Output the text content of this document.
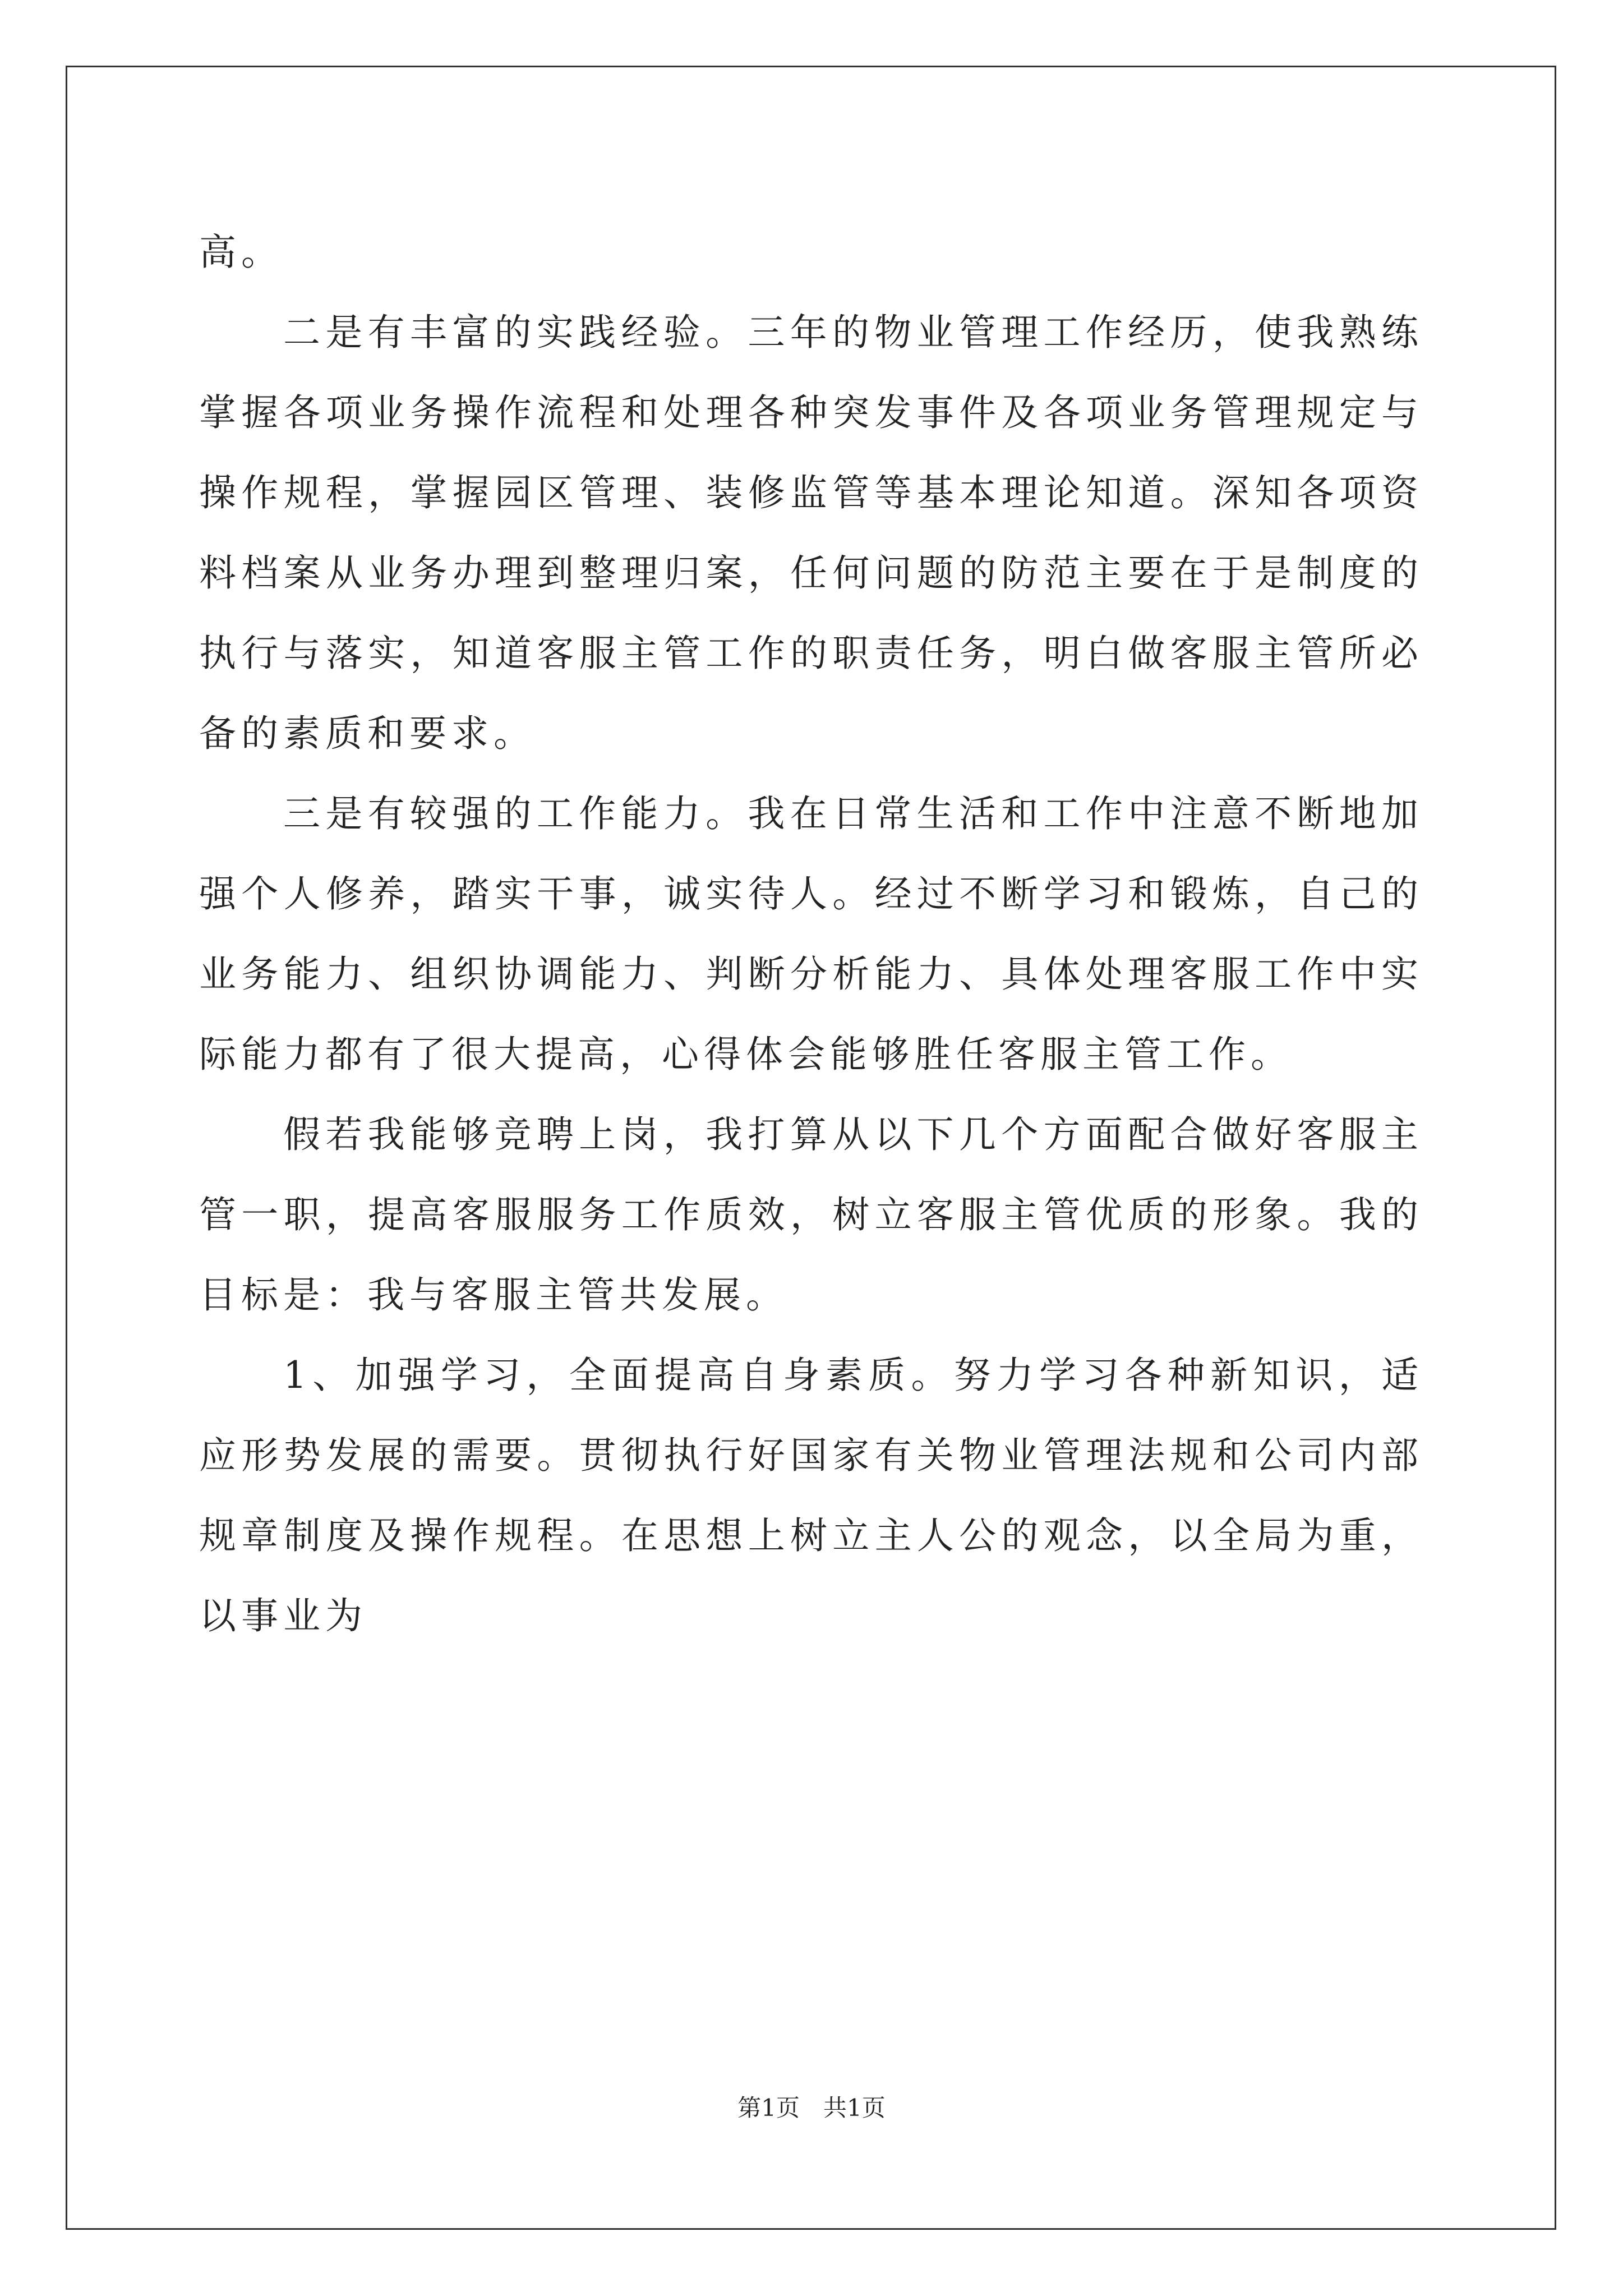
高。

二是有丰富的实践经验。三年的物业管理工作经历，使我熟练掌握各项业务操作流程和处理各种突发事件及各项业务管理规定与操作规程，掌握园区管理、装修监管等基本理论知道。深知各项资料档案从业务办理到整理归案，任何问题的防范主要在于是制度的执行与落实，知道客服主管工作的职责任务，明白做客服主管所必备的素质和要求。

三是有较强的工作能力。我在日常生活和工作中注意不断地加强个人修养，踏实干事，诚实待人。经过不断学习和锻炼，自己的业务能力、组织协调能力、判断分析能力、具体处理客服工作中实际能力都有了很大提高，心得体会能够胜任客服主管工作。

假若我能够竞聘上岗，我打算从以下几个方面配合做好客服主管一职，提高客服服务工作质效，树立客服主管优质的形象。我的目标是：我与客服主管共发展。

1、加强学习，全面提高自身素质。努力学习各种新知识，适应形势发展的需要。贯彻执行好国家有关物业管理法规和公司内部规章制度及操作规程。在思想上树立主人公的观念，以全局为重，以事业为

第1页　共1页
